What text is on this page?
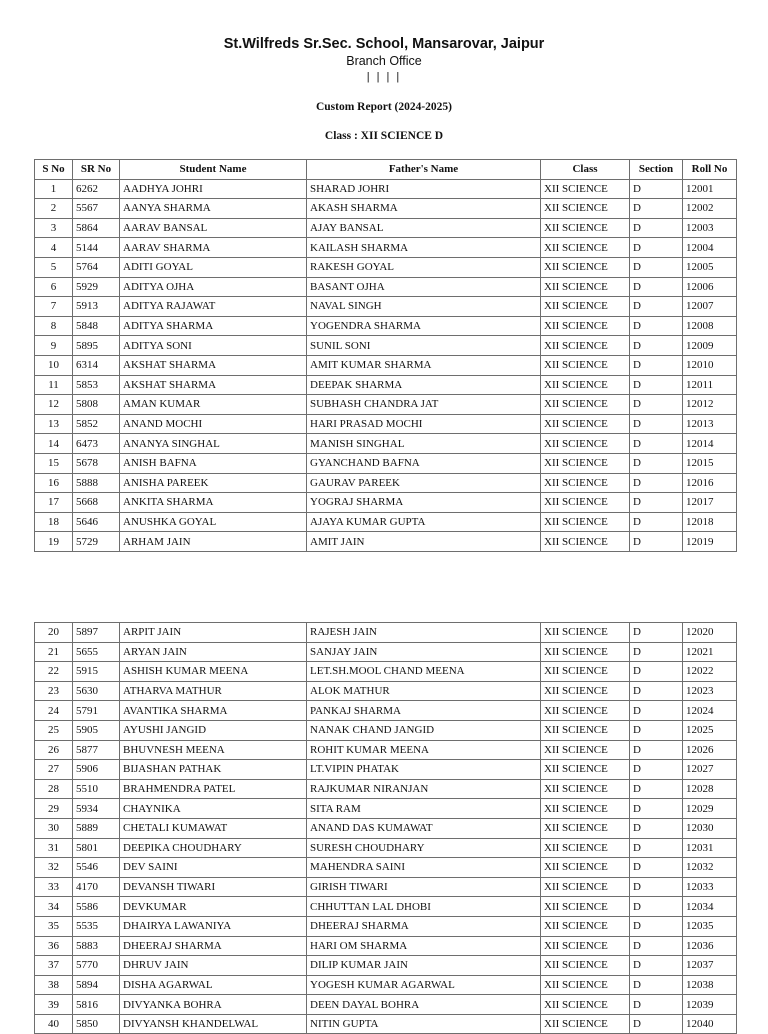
St.Wilfreds Sr.Sec. School, Mansarovar, Jaipur
Branch Office
| | | |
Custom Report (2024-2025)
Class : XII SCIENCE D
S No	SR No	Student Name	Father's Name	Class	Section	Roll No
1	6262	AADHYA JOHRI	SHARAD JOHRI	XII SCIENCE	D	12001
2	5567	AANYA SHARMA	AKASH SHARMA	XII SCIENCE	D	12002
3	5864	AARAV BANSAL	AJAY BANSAL	XII SCIENCE	D	12003
4	5144	AARAV SHARMA	KAILASH SHARMA	XII SCIENCE	D	12004
5	5764	ADITI GOYAL	RAKESH GOYAL	XII SCIENCE	D	12005
6	5929	ADITYA OJHA	BASANT OJHA	XII SCIENCE	D	12006
7	5913	ADITYA RAJAWAT	NAVAL SINGH	XII SCIENCE	D	12007
8	5848	ADITYA SHARMA	YOGENDRA SHARMA	XII SCIENCE	D	12008
9	5895	ADITYA SONI	SUNIL SONI	XII SCIENCE	D	12009
10	6314	AKSHAT SHARMA	AMIT KUMAR SHARMA	XII SCIENCE	D	12010
11	5853	AKSHAT SHARMA	DEEPAK SHARMA	XII SCIENCE	D	12011
12	5808	AMAN KUMAR	SUBHASH CHANDRA JAT	XII SCIENCE	D	12012
13	5852	ANAND MOCHI	HARI PRASAD MOCHI	XII SCIENCE	D	12013
14	6473	ANANYA SINGHAL	MANISH SINGHAL	XII SCIENCE	D	12014
15	5678	ANISH BAFNA	GYANCHAND BAFNA	XII SCIENCE	D	12015
16	5888	ANISHA PAREEK	GAURAV PAREEK	XII SCIENCE	D	12016
17	5668	ANKITA SHARMA	YOGRAJ SHARMA	XII SCIENCE	D	12017
18	5646	ANUSHKA GOYAL	AJAYA KUMAR GUPTA	XII SCIENCE	D	12018
19	5729	ARHAM JAIN	AMIT JAIN	XII SCIENCE	D	12019
20	5897	ARPIT JAIN	RAJESH JAIN	XII SCIENCE	D	12020
21	5655	ARYAN JAIN	SANJAY JAIN	XII SCIENCE	D	12021
22	5915	ASHISH KUMAR MEENA	LET.SH.MOOL CHAND MEENA	XII SCIENCE	D	12022
23	5630	ATHARVA MATHUR	ALOK MATHUR	XII SCIENCE	D	12023
24	5791	AVANTIKA SHARMA	PANKAJ SHARMA	XII SCIENCE	D	12024
25	5905	AYUSHI JANGID	NANAK CHAND JANGID	XII SCIENCE	D	12025
26	5877	BHUVNESH MEENA	ROHIT KUMAR MEENA	XII SCIENCE	D	12026
27	5906	BIJASHAN PATHAK	LT.VIPIN PHATAK	XII SCIENCE	D	12027
28	5510	BRAHMENDRA PATEL	RAJKUMAR NIRANJAN	XII SCIENCE	D	12028
29	5934	CHAYNIKA	SITA RAM	XII SCIENCE	D	12029
30	5889	CHETALI KUMAWAT	ANAND DAS KUMAWAT	XII SCIENCE	D	12030
31	5801	DEEPIKA CHOUDHARY	SURESH CHOUDHARY	XII SCIENCE	D	12031
32	5546	DEV SAINI	MAHENDRA SAINI	XII SCIENCE	D	12032
33	4170	DEVANSH TIWARI	GIRISH TIWARI	XII SCIENCE	D	12033
34	5586	DEVKUMAR	CHHUTTAN LAL DHOBI	XII SCIENCE	D	12034
35	5535	DHAIRYA LAWANIYA	DHEERAJ SHARMA	XII SCIENCE	D	12035
36	5883	DHEERAJ SHARMA	HARI OM SHARMA	XII SCIENCE	D	12036
37	5770	DHRUV JAIN	DILIP KUMAR JAIN	XII SCIENCE	D	12037
38	5894	DISHA AGARWAL	YOGESH KUMAR AGARWAL	XII SCIENCE	D	12038
39	5816	DIVYANKA BOHRA	DEEN DAYAL BOHRA	XII SCIENCE	D	12039
40	5850	DIVYANSH KHANDELWAL	NITIN GUPTA	XII SCIENCE	D	12040
